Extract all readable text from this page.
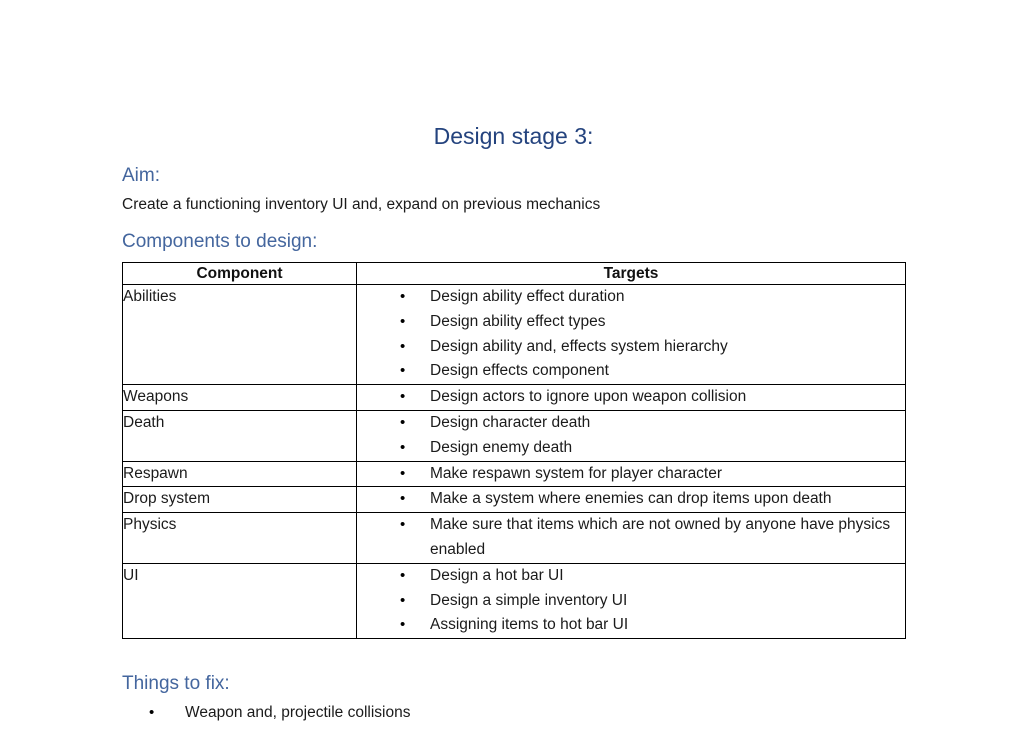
Design stage 3:
Aim:

Create a functioning inventory UI and, expand on previous mechanics

Components to design:
Component	Targets
Abilities	• Design ability effect duration
• Design ability effect types
• Design ability and, effects system hierarchy
• Design effects component

Weapons	• Design actors to ignore upon weapon collision

Death	• Design character death
• Design enemy death

Respawn	• Make respawn system for player character

Drop system	• Make a system where enemies can drop items upon death

Physics	• Make sure that items which are not owned by anyone have physics enabled

UI	• Design a hot bar UI
• Design a simple inventory UI
• Assigning items to hot bar UI
Things to fix:
• Weapon and, projectile collisions
